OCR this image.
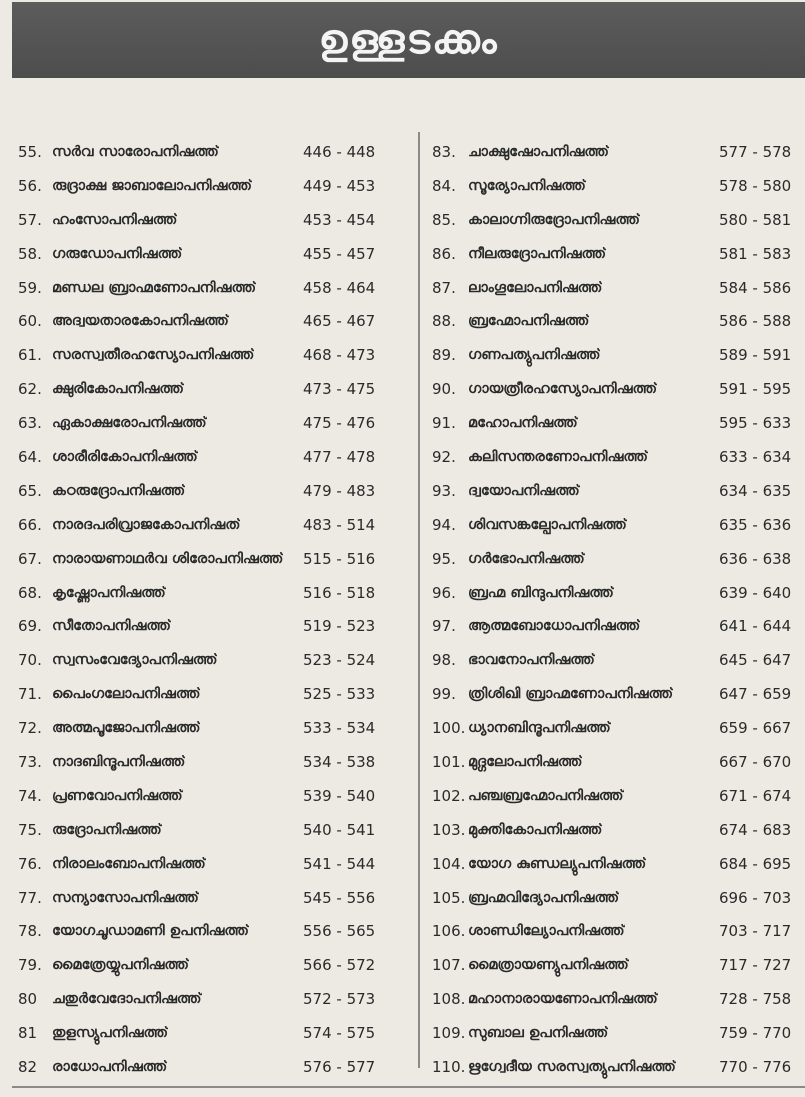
ഉള്ളടക്കം
55. സർവ സാരോപനിഷത്ത്	446 - 448
56. രുദ്രാക്ഷ ജാബാലോപനിഷത്ത്	449 - 453
57. ഹംസോപനിഷത്ത്	453 - 454
58. ഗരുഡോപനിഷത്ത്	455 - 457
59. മണ്ഡല ബ്രാഹ്മണോപനിഷത്ത്	458 - 464
60. അദ്വയതാരകോപനിഷത്ത്	465 - 467
61. സരസ്വതീരഹസ്യോപനിഷത്ത്	468 - 473
62. ക്ഷുരികോപനിഷത്ത്	473 - 475
63. ഏകാക്ഷരോപനിഷത്ത്	475 - 476
64. ശാരീരികോപനിഷത്ത്	477 - 478
65. കഠരുദ്രോപനിഷത്ത്	479 - 483
66. നാരദപരിവ്രാജകോപനിഷത്	483 - 514
67. നാരായണാഥർവ ശിരോപനിഷത്ത് 515 - 516
68. കൃഷ്ണോപനിഷത്ത്	516 - 518
69. സീതോപനിഷത്ത്	519 - 523
70. സ്വസംവേദ്യോപനിഷത്ത്	523 - 524
71. പൈംഗലോപനിഷത്ത്	525 - 533
72. അത്മപൂജോപനിഷത്ത്	533 - 534
73. നാദബിന്ദൂപനിഷത്ത്	534 - 538
74. പ്രണവോപനിഷത്ത്	539 - 540
75. രുദ്രോപനിഷത്ത്	540 - 541
76. നിരാലംബോപനിഷത്ത്	541 - 544
77. സന്യാസോപനിഷത്ത്	545 - 556
78. യോഗചൂഡാമണി ഉപനിഷത്ത്	556 - 565
79. മൈത്രേയ്യുപനിഷത്ത്	566 - 572
80	ചതുർവേദോപനിഷത്ത്	572 - 573
81	തുളസ്യുപനിഷത്ത്	574 - 575
82	രാധോപനിഷത്ത്	576 - 577
83. ചാക്ഷുഷോപനിഷത്ത്	577 - 578
84. സൂര്യോപനിഷത്ത്	578 - 580
85. കാലാഗ്നിരുദ്രോപനിഷത്ത്	580 - 581
86. നീലരുദ്രോപനിഷത്ത്	581 - 583
87. ലാംഗൂലോപനിഷത്ത്	584 - 586
88. ബ്രഹ്മോപനിഷത്ത്	586 - 588
89. ഗണപത്യുപനിഷത്ത്	589 - 591
90. ഗായത്രീരഹസ്യോപനിഷത്ത്	591 - 595
91. മഹോപനിഷത്ത്	595 - 633
92. കലിസന്തരണോപനിഷത്ത്	633 - 634
93. ദ്വയോപനിഷത്ത്	634 - 635
94. ശിവസങ്കല്പോപനിഷത്ത്	635 - 636
95. ഗർഭോപനിഷത്ത്	636 - 638
96. ബ്രഹ്മ ബിന്ദുപനിഷത്ത്	639 - 640
97. ആത്മബോധോപനിഷത്ത്	641 - 644
98. ഭാവനോപനിഷത്ത്	645 - 647
99. ത്രിശിഖി ബ്രാഹ്മണോപനിഷത്ത്	647 - 659
100. ധ്യാനബിന്ദൂപനിഷത്ത്	659 - 667
101. മുദ്ഗലോപനിഷത്ത്	667 - 670
102. പഞ്ചബ്രഹ്മോപനിഷത്ത്	671 - 674
103. മുക്തികോപനിഷത്ത്	674 - 683
104. യോഗ കുണ്ഡല്യുപനിഷത്ത്	684 - 695
105. ബ്രഹ്മവിദ്യോപനിഷത്ത്	696 - 703
106. ശാണ്ഡില്യോപനിഷത്ത്	703 - 717
107. മൈത്രായണ്യുപനിഷത്ത്	717 - 727
108. മഹാനാരായണോപനിഷത്ത്	728 - 758
109. സുബാല ഉപനിഷത്ത്	759 - 770
110. ഋഗ്വേദീയ സരസ്വത്യുപനിഷത്ത്	770 - 776
